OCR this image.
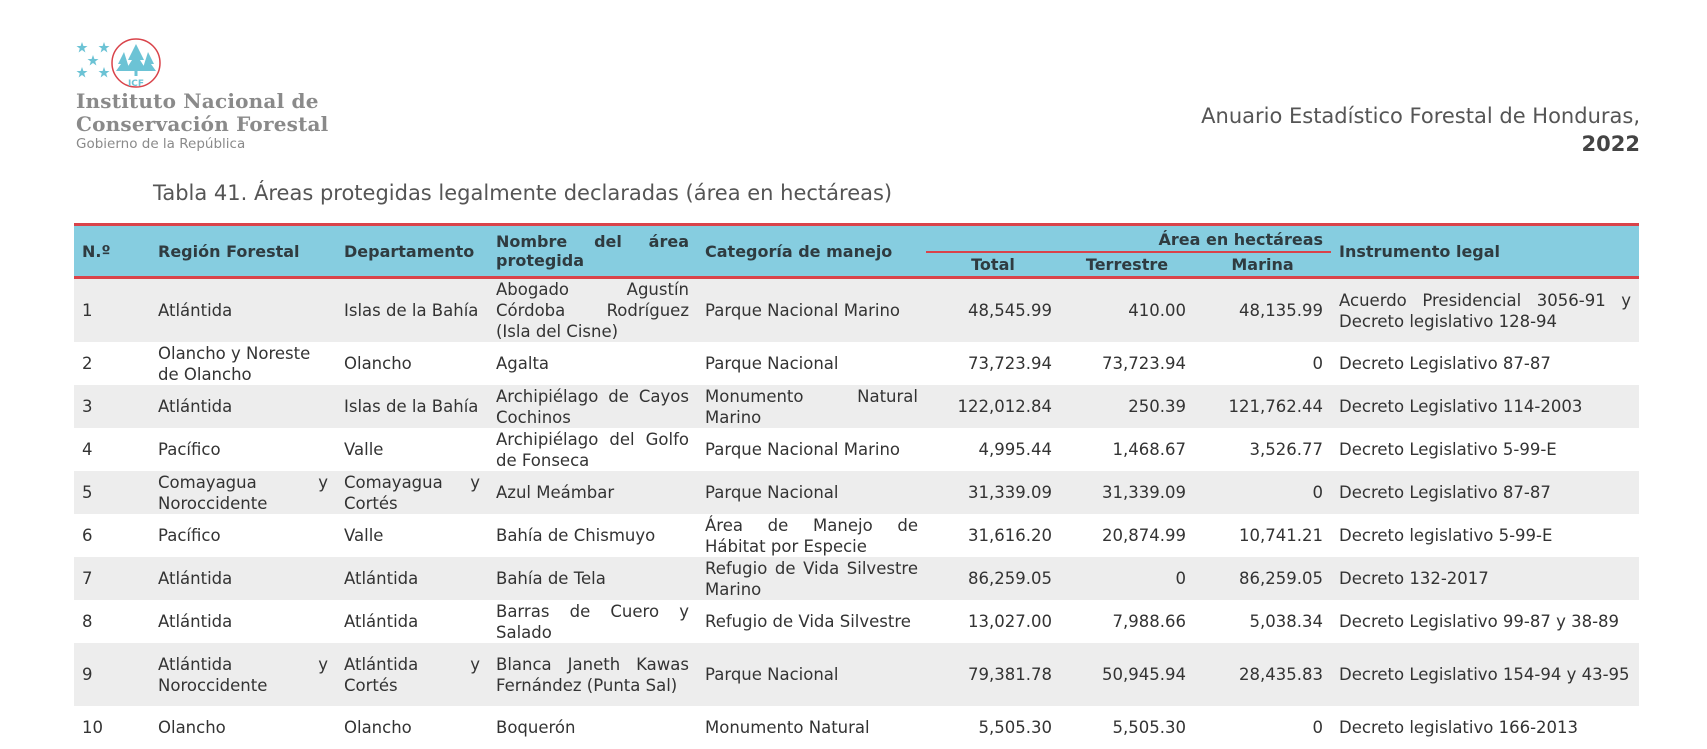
ICF
Instituto Nacional de
Conservación Forestal
Gobierno de la República
Anuario Estadístico Forestal de Honduras,
2022
Tabla 41. Áreas protegidas legalmente declaradas (área en hectáreas)
N.º	Región Forestal	Departamento	Nombre del área protegida	Categoría de manejo	Área en hectáreas			Instrumento legal
					Total	Terrestre	Marina	
1	Atlántida	Islas de la Bahía	Abogado Agustín Córdoba Rodríguez (Isla del Cisne)	Parque Nacional Marino	48,545.99	410.00	48,135.99	Acuerdo Presidencial 3056-91 y Decreto legislativo 128-94
2	Olancho y Noreste de Olancho	Olancho	Agalta	Parque Nacional	73,723.94	73,723.94	0	Decreto Legislativo 87-87
3	Atlántida	Islas de la Bahía	Archipiélago de Cayos Cochinos	Monumento Natural Marino	122,012.84	250.39	121,762.44	Decreto Legislativo 114-2003
4	Pacífico	Valle	Archipiélago del Golfo de Fonseca	Parque Nacional Marino	4,995.44	1,468.67	3,526.77	Decreto Legislativo 5-99-E
5	Comayagua y Noroccidente	Comayagua y Cortés	Azul Meámbar	Parque Nacional	31,339.09	31,339.09	0	Decreto Legislativo 87-87
6	Pacífico	Valle	Bahía de Chismuyo	Área de Manejo de Hábitat por Especie	31,616.20	20,874.99	10,741.21	Decreto legislativo 5-99-E
7	Atlántida	Atlántida	Bahía de Tela	Refugio de Vida Silvestre Marino	86,259.05	0	86,259.05	Decreto 132-2017
8	Atlántida	Atlántida	Barras de Cuero y Salado	Refugio de Vida Silvestre	13,027.00	7,988.66	5,038.34	Decreto Legislativo 99-87 y 38-89
9	Atlántida y Noroccidente	Atlántida y Cortés	Blanca Janeth Kawas Fernández (Punta Sal)	Parque Nacional	79,381.78	50,945.94	28,435.83	Decreto Legislativo 154-94 y 43-95
10	Olancho	Olancho	Boquerón	Monumento Natural	5,505.30	5,505.30	0	Decreto legislativo 166-2013
